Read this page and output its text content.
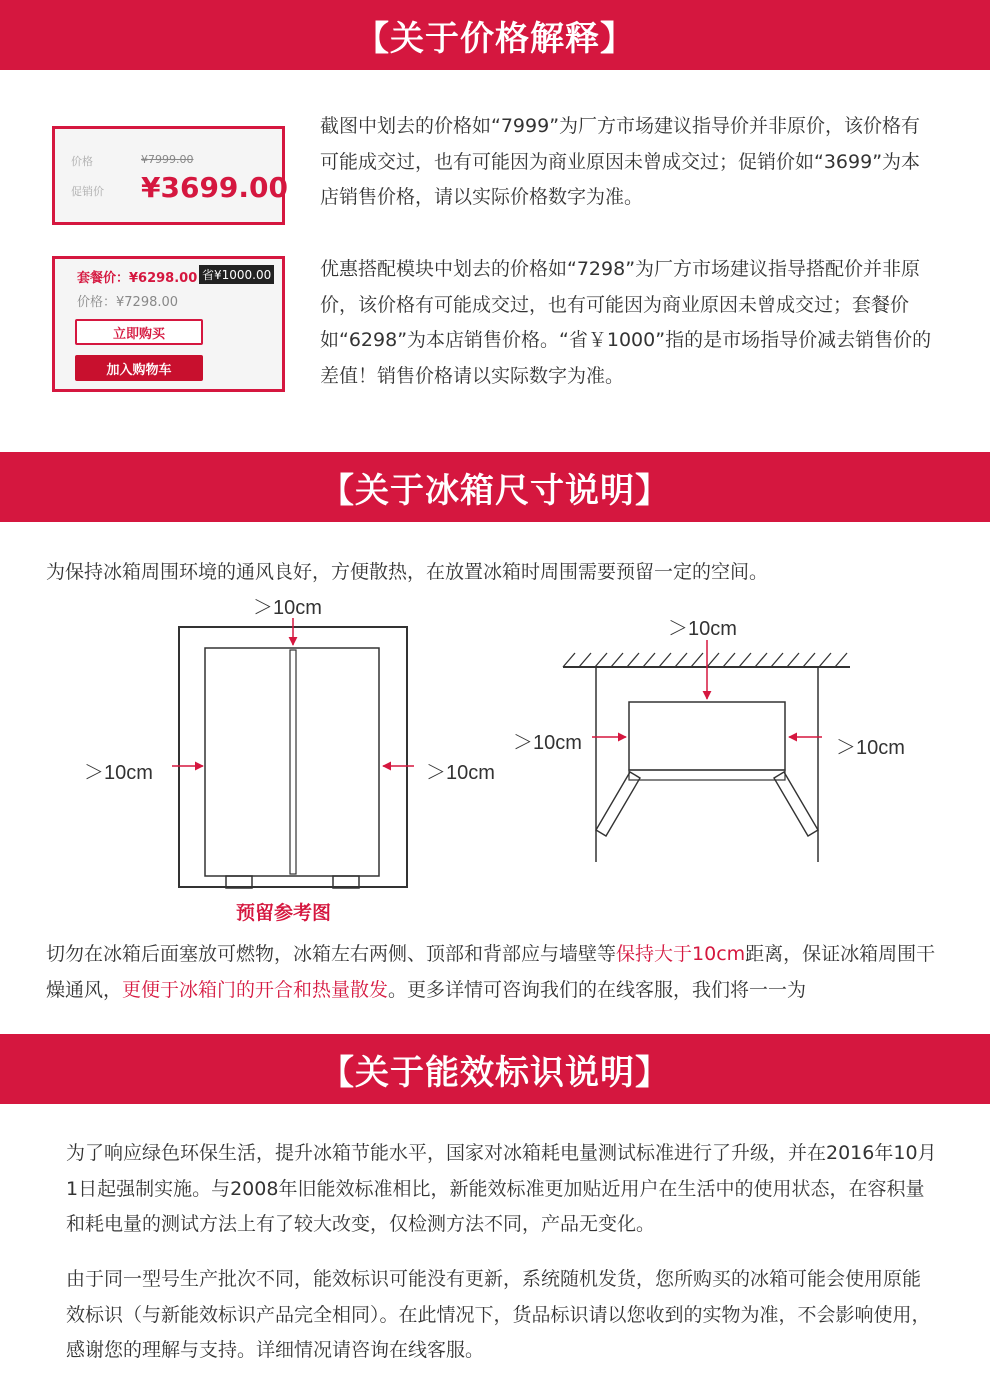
【关于价格解释】
价格
促销价
¥7999.00
¥3699.00
截图中划去的价格如“7999”为厂方市场建议指导价并非原价，该价格有可能成交过，也有可能因为商业原因未曾成交过；促销价如“3699”为本店销售价格，请以实际价格数字为准。
套餐价：¥6298.00 省¥1000.00
价格：¥7298.00
立即购买
加入购物车
优惠搭配模块中划去的价格如“7298”为厂方市场建议指导搭配价并非原价，该价格有可能成交过，也有可能因为商业原因未曾成交过；套餐价如“6298”为本店销售价格。“省￥1000”指的是市场指导价减去销售价的差值！销售价格请以实际数字为准。
【关于冰箱尺寸说明】
为保持冰箱周围环境的通风良好，方便散热，在放置冰箱时周围需要预留一定的空间。
＞10cm
＞10cm	＞10cm
＞10cm
＞10cm	＞10cm
预留参考图
切勿在冰箱后面塞放可燃物，冰箱左右两侧、顶部和背部应与墙壁等保持大于10cm距离，保证冰箱周围干燥通风，更便于冰箱门的开合和热量散发。更多详情可咨询我们的在线客服，我们将一一为
【关于能效标识说明】
为了响应绿色环保生活，提升冰箱节能水平，国家对冰箱耗电量测试标准进行了升级，并在2016年10月1日起强制实施。与2008年旧能效标准相比，新能效标准更加贴近用户在生活中的使用状态，在容积量和耗电量的测试方法上有了较大改变，仅检测方法不同，产品无变化。
由于同一型号生产批次不同，能效标识可能没有更新，系统随机发货，您所购买的冰箱可能会使用原能效标识（与新能效标识产品完全相同）。在此情况下，货品标识请以您收到的实物为准，不会影响使用，感谢您的理解与支持。详细情况请咨询在线客服。
